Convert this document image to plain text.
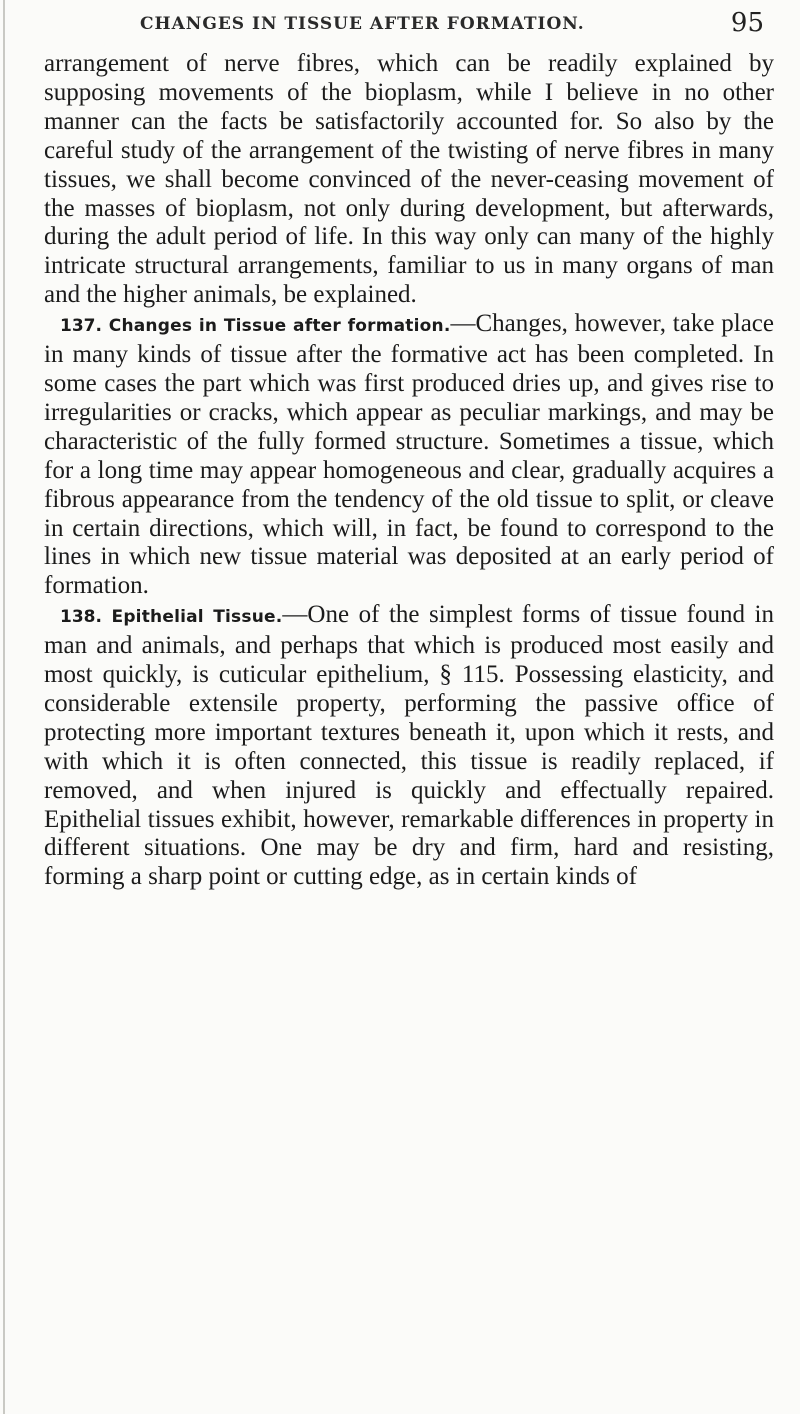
CHANGES IN TISSUE AFTER FORMATION.	95

arrangement of nerve fibres, which can be readily explained by supposing movements of the bioplasm, while I believe in no other manner can the facts be satisfactorily accounted for. So also by the careful study of the arrangement of the twisting of nerve fibres in many tissues, we shall become convinced of the never-ceasing movement of the masses of bioplasm, not only during development, but afterwards, during the adult period of life. In this way only can many of the highly intricate structural arrangements, familiar to us in many organs of man and the higher animals, be explained.

137. Changes in Tissue after formation.—Changes, however, take place in many kinds of tissue after the formative act has been completed. In some cases the part which was first produced dries up, and gives rise to irregularities or cracks, which appear as peculiar markings, and may be characteristic of the fully formed structure. Sometimes a tissue, which for a long time may appear homogeneous and clear, gradually acquires a fibrous appearance from the tendency of the old tissue to split, or cleave in certain directions, which will, in fact, be found to correspond to the lines in which new tissue material was deposited at an early period of formation.

138. Epithelial Tissue.—One of the simplest forms of tissue found in man and animals, and perhaps that which is produced most easily and most quickly, is cuticular epithelium, § 115. Possessing elasticity, and considerable extensile property, performing the passive office of protecting more important textures beneath it, upon which it rests, and with which it is often connected, this tissue is readily replaced, if removed, and when injured is quickly and effectually repaired. Epithelial tissues exhibit, however, remarkable differences in property in different situations. One may be dry and firm, hard and resisting, forming a sharp point or cutting edge, as in certain kinds of
